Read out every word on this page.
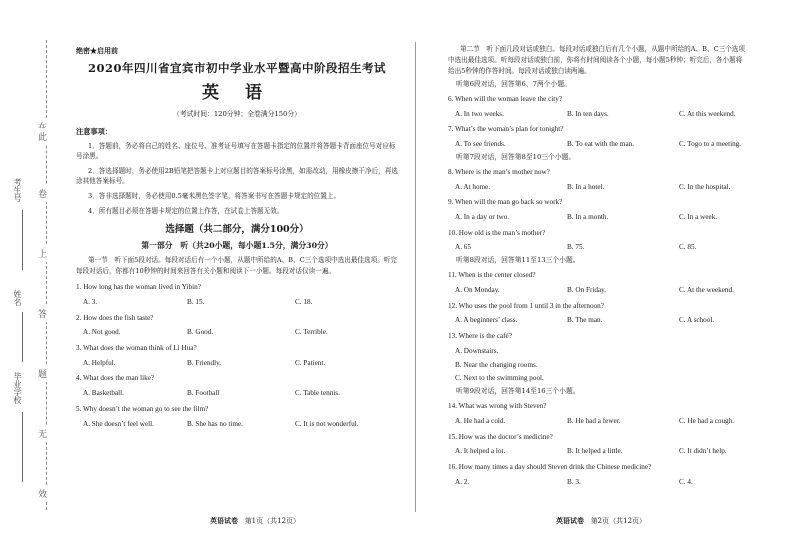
此
卷
上
答
题
无
效
考生号
姓名
毕业学校
绝密★启用前
2020年四川省宜宾市初中学业水平暨高中阶段招生考试
英 语
（考试时间：120分钟；全卷满分150分）
注意事项：
1．答题前，务必将自己的姓名、座位号、准考证号填写在答题卡指定的位置并将答题卡背面座位号对应标号涂黑。
2．答选择题时，务必使用2B铅笔把答题卡上对应题目的答案标号涂黑，如需改动，用橡皮擦干净后，再选涂其他答案标号。
3．答非选择题时，务必使用0.5毫米黑色签字笔，将答案书写在答题卡规定的位置上。
4．所有题目必须在答题卡规定的位置上作答，在试卷上答题无效。
选择题（共二部分，满分100分）
第一部分　听（共20小题，每小题1.5分，满分30分）
第一节　听下面5段对话。每段对话后有一个小题，从题中所给的A、B、C三个选项中选出最佳选项。听完每段对话后，你都有10秒钟的时间来回答有关小题和阅读下一小题。每段对话仅读一遍。
1. How long has the woman lived in Yibin?
A. 3.	B. 15.	C. 18.
2. How does the fish taste?
A. Not good.	B. Good.	C. Terrible.
3. What does the woman think of Li Hua?
A. Helpful.	B. Friendly.	C. Patient.
4. What does the man like?
A. Basketball.	B. Football	C. Table tennis.
5. Why doesn’t the woman go to see the film?
A. She doesn’t feel well.	B. She has no time.	C. It is not wonderful.
英语试卷 第1页（共12页）
第二节　听下面几段对话或独白。每段对话或独白后有几个小题，从题中所给的A、B、C三个选项中选出最佳选项。听每段对话或独白前，你将有时间阅读各个小题，每小题5秒钟；听完后，各小题将给出5秒钟的作答时间。每段对话或独白读两遍。
听第6段对话，回答第6、7两个小题。
6. When will the woman leave the city?
A. In two weeks.	B. In ten days.	C. At this weekend.
7. What’s the woman’s plan for tonight?
A. To see friends.	B. To eat with the man.	C. Togo to a meeting.
听第7段对话，回答第8至10三个小题。
8. Where is the man’s mother now?
A. At home.	B. In a hotel.	C. In the hospital.
9. When will the man go back so work?
A. In a day or two.	B. In a month.	C. In a week.
10. How old is the man’s mother?
A. 65	B. 75.	C. 85.
听第8段对话，回答第11至13三个小题。
11. When is the center closed?
A. On Monday.	B. On Friday.	C. At the weekend.
12. Who uses the pool from 1 until 3 in the afternoon?
A. A beginners’ class.	B. The man.	C. A school.
13. Where is the café?
A. Downstairs.
B. Near the changing rooms.
C. Next to the swimming pool.
听第9段对话，回答第14至16三个小题。
14. What was wrong with Steven?
A. He had a cold.	B. He had a fewer.	C. He had a cough.
15. How was the doctor’s medicine?
A. It helped a lot.	B. It helped a little.	C. It didn’t help.
16. How many times a day should Steven drink the Chinese medicine?
A. 2.	B. 3.	C. 4.
英语试卷 第2页（共12页）
